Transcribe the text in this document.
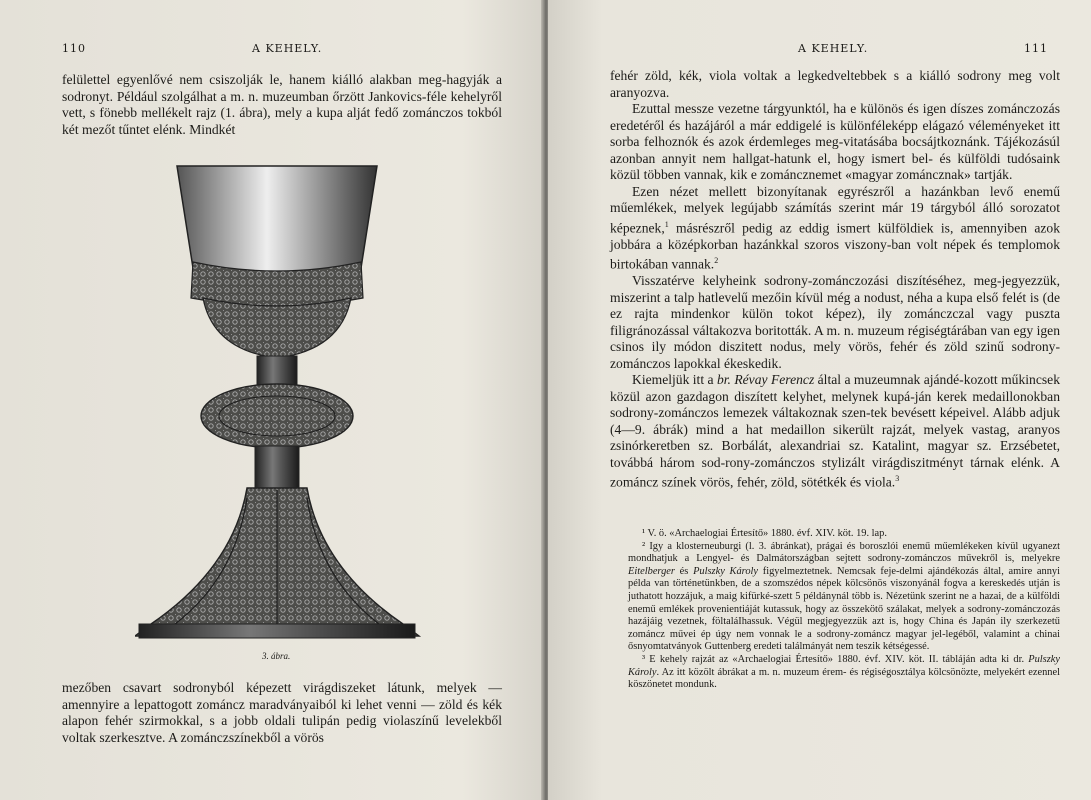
110	A KEHELY.
felülettel egyenlővé nem csiszolják le, hanem kiálló alakban meg-hagyják a sodronyt. Például szolgálhat a m. n. muzeumban őrzött Jankovics-féle kehelyről vett, s fönebb mellékelt rajz (1. ábra), mely a kupa alját fedő zománczos tokból két mezőt tűntet elénk. Mindkét
3. ábra.
mezőben csavart sodronyból képezett virágdiszeket látunk, melyek — amennyire a lepattogott zománcz maradványaiból ki lehet venni — zöld és kék alapon fehér szirmokkal, s a jobb oldali tulipán pedig violaszínű levelekből voltak szerkesztve. A zománczszínekből a vörös
A KEHELY.	111

fehér zöld, kék, viola voltak a legkedveltebbek s a kiálló sodrony meg volt aranyozva.

Ezuttal messze vezetne tárgyunktól, ha e különös és igen díszes zománczozás eredetéről és hazájáról a már eddigelé is különféleképp elágazó véleményeket itt sorba felhoznók és azok érdemleges meg-vitatásába bocsájtkoznánk. Tájékozásúl azonban annyit nem hallgat-hatunk el, hogy ismert bel- és külföldi tudósaink közül többen vannak, kik e zománcznemet «magyar zománcznak» tartják.

Ezen nézet mellett bizonyítanak egyrészről a hazánkban levő enemű műemlékek, melyek legújabb számítás szerint már 19 tárgyból álló sorozatot képeznek,$^1$ másrészről pedig az eddig ismert külföldiek is, amennyiben azok jobbára a középkorban hazánkkal szoros viszony-ban volt népek és templomok birtokában vannak.$^2$

Visszatérve kelyheink sodrony-zománczozási diszítéséhez, meg-jegyezzük, miszerint a talp hatlevelű mezőin kívül még a nodust, néha a kupa első felét is (de ez rajta mindenkor külön tokot képez), ily zománczczal vagy puszta filigránozással váltakozva boritották. A m. n. muzeum régiségtárában van egy igen csinos ily módon diszitett nodus, mely vörös, fehér és zöld szinű sodrony-zománczos lapokkal ékeskedik.

Kiemeljük itt a br. Révay Ferencz által a muzeumnak ajándé-kozott műkincsek közül azon gazdagon diszített kelyhet, melynek kupá-ján kerek medaillonokban sodrony-zománczos lemezek váltakoznak szen-tek bevésett képeivel. Alább adjuk (4—9. ábrák) mind a hat medaillon sikerült rajzát, melyek vastag, aranyos zsinórkeretben sz. Borbálát, alexandriai sz. Katalint, magyar sz. Erzsébetet, továbbá három sod-rony-zománczos stylizált virágdiszitményt tárnak elénk. A zománcz színek vörös, fehér, zöld, sötétkék és viola.$^3$

¹ V. ö. «Archaelogiai Értesítő» 1880. évf. XIV. köt. 19. lap.

² Igy a klosterneuburgi (l. 3. ábránkat), prágai és boroszlói enemű műemlékeken kívül ugyanezt mondhatjuk a Lengyel- és Dalmátországban sejtett sodrony-zománczos művekről is, melyekre Eitelberger és Pulszky Károly figyelmeztetnek. Nemcsak feje-delmi ajándékozás által, amire annyi példa van történetünkben, de a szomszédos népek kölcsönös viszonyánál fogva a kereskedés utján is juthatott hozzájuk, a maig kifürké-szett 5 példánynál több is. Nézetünk szerint ne a hazai, de a külföldi enemű emlékek provenientiáját kutassuk, hogy az összekötő szálakat, melyek a sodrony-zománczozás hazájáig vezetnek, föltaláIhassuk. Végül megjegyezzük azt is, hogy China és Japán ily szerkezetű zománcz művei ép úgy nem vonnak le a sodrony-zománcz magyar jel-legéből, valamint a chinai ősnyomtatványok Guttenberg eredeti találmányát nem teszik kétségessé.

³ E kehely rajzát az «Archaelogiai Értesítő» 1880. évf. XIV. köt. II. tábláján adta ki dr. Pulszky Károly. Az itt közölt ábrákat a m. n. muzeum érem- és régiségosztálya kölcsönözte, melyekért ezennel köszönetet mondunk.
